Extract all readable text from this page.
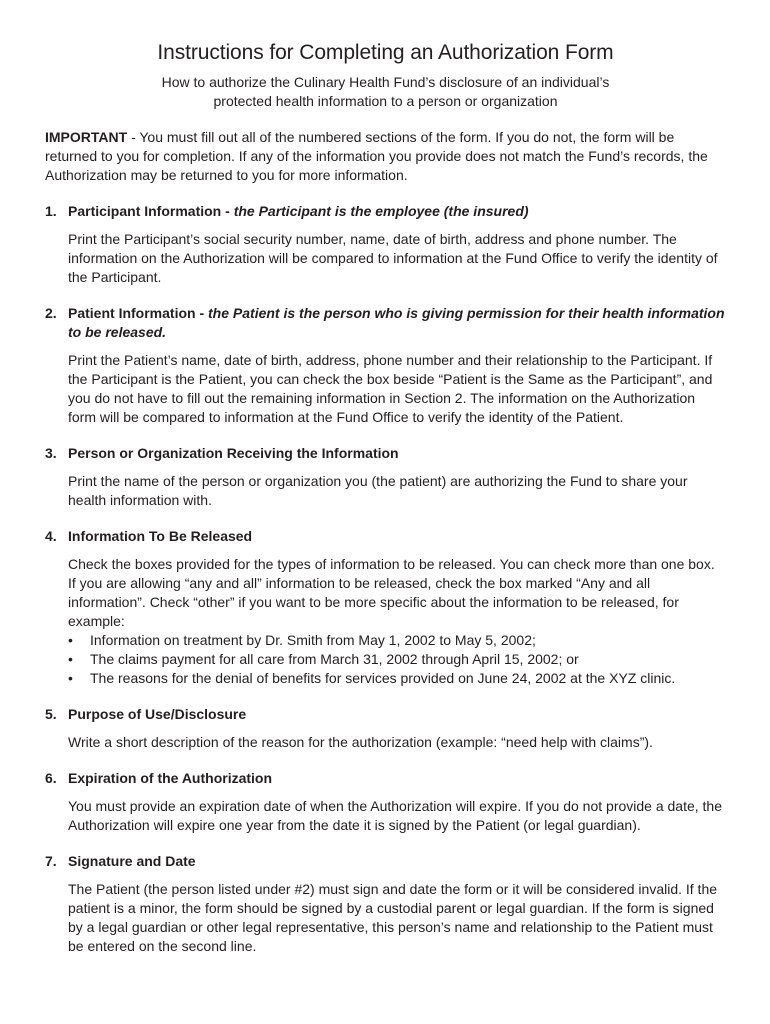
Instructions for Completing an Authorization Form

How to authorize the Culinary Health Fund’s disclosure of an individual’s protected health information to a person or organization

IMPORTANT - You must fill out all of the numbered sections of the form. If you do not, the form will be returned to you for completion. If any of the information you provide does not match the Fund’s records, the Authorization may be returned to you for more information.

1. Participant Information - the Participant is the employee (the insured)
Print the Participant’s social security number, name, date of birth, address and phone number. The information on the Authorization will be compared to information at the Fund Office to verify the identity of the Participant.
2. Patient Information - the Patient is the person who is giving permission for their health information to be released.
Print the Patient’s name, date of birth, address, phone number and their relationship to the Participant. If the Participant is the Patient, you can check the box beside “Patient is the Same as the Participant”, and you do not have to fill out the remaining information in Section 2. The information on the Authorization form will be compared to information at the Fund Office to verify the identity of the Patient.
3. Person or Organization Receiving the Information
Print the name of the person or organization you (the patient) are authorizing the Fund to share your health information with.
4. Information To Be Released
Check the boxes provided for the types of information to be released. You can check more than one box. If you are allowing “any and all” information to be released, check the box marked “Any and all information”. Check “other” if you want to be more specific about the information to be released, for example:
•	Information on treatment by Dr. Smith from May 1, 2002 to May 5, 2002;
•	The claims payment for all care from March 31, 2002 through April 15, 2002; or
•	The reasons for the denial of benefits for services provided on June 24, 2002 at the XYZ clinic.
5. Purpose of Use/Disclosure
Write a short description of the reason for the authorization (example: “need help with claims”).
6. Expiration of the Authorization
You must provide an expiration date of when the Authorization will expire. If you do not provide a date, the Authorization will expire one year from the date it is signed by the Patient (or legal guardian).
7. Signature and Date
The Patient (the person listed under #2) must sign and date the form or it will be considered invalid. If the patient is a minor, the form should be signed by a custodial parent or legal guardian. If the form is signed by a legal guardian or other legal representative, this person’s name and relationship to the Patient must be entered on the second line.
